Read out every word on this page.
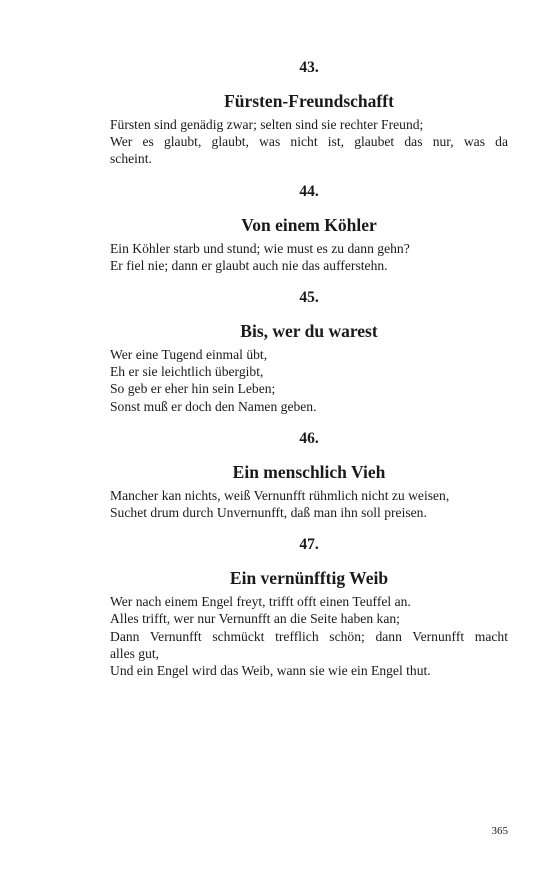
43.
Fürsten-Freundschafft
Fürsten sind genädig zwar; selten sind sie rechter Freund;
Wer es glaubt, glaubt, was nicht ist, glaubet das nur, was da
scheint.
44.
Von einem Köhler
Ein Köhler starb und stund; wie must es zu dann gehn?
Er fiel nie; dann er glaubt auch nie das aufferstehn.
45.
Bis, wer du warest
Wer eine Tugend einmal übt,
Eh er sie leichtlich übergibt,
So geb er eher hin sein Leben;
Sonst muß er doch den Namen geben.
46.
Ein menschlich Vieh
Mancher kan nichts, weiß Vernunfft rühmlich nicht zu weisen,
Suchet drum durch Unvernunfft, daß man ihn soll preisen.
47.
Ein vernünfftig Weib
Wer nach einem Engel freyt, trifft offt einen Teuffel an.
Alles trifft, wer nur Vernunfft an die Seite haben kan;
Dann Vernunfft schmückt trefflich schön; dann Vernunfft macht
alles gut,
Und ein Engel wird das Weib, wann sie wie ein Engel thut.
365
